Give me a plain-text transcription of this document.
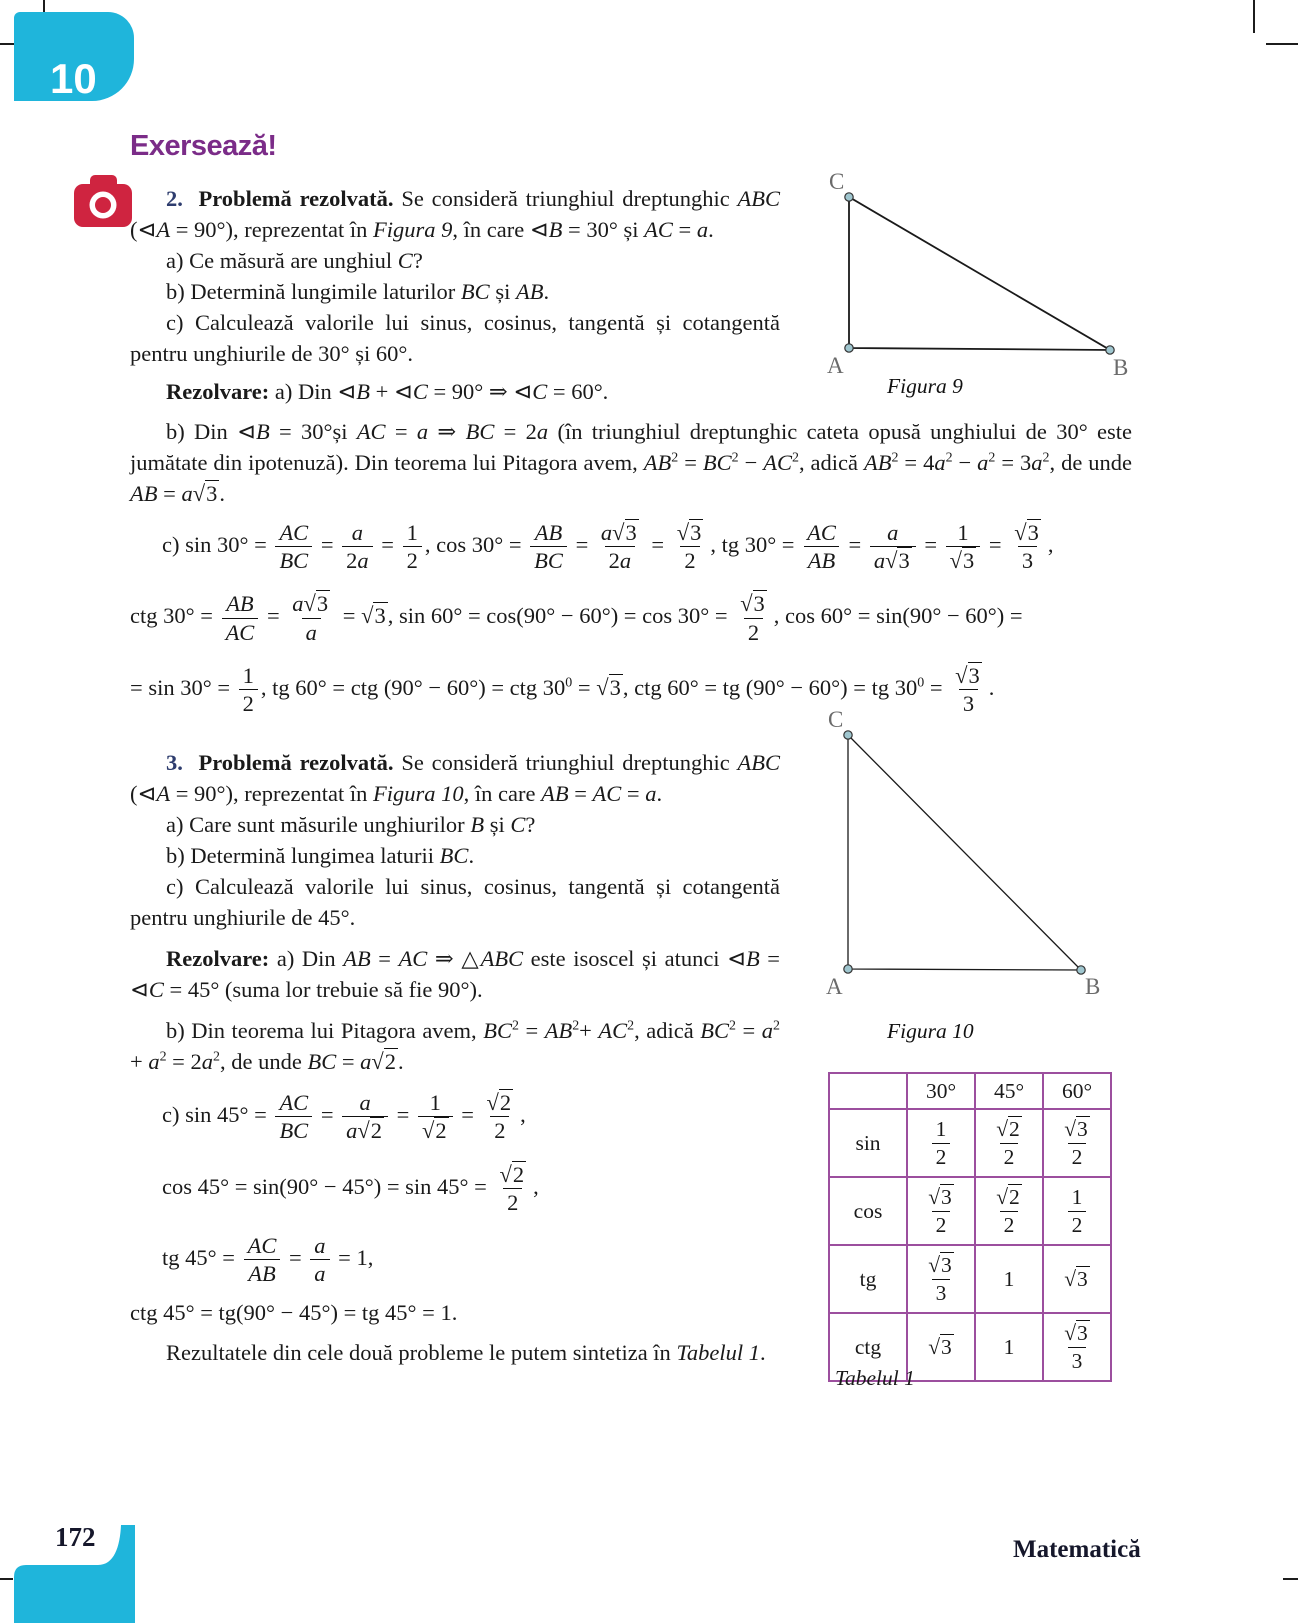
10
Exersează!

2.  Problemă rezolvată. Se consideră triunghiul dreptunghic ABC (⊲A = 90°), reprezentat în Figura 9, în care ⊲B = 30° și AC = a.

a) Ce măsură are unghiul C?

b) Determină lungimile laturilor BC și AB.

c) Calculează valorile lui sinus, cosinus, tangentă și cotangentă pentru unghiurile de 30° și 60°.

Rezolvare: a) Din ⊲B + ⊲C = 90° ⇒ ⊲C = 60°.

b) Din ⊲B = 30°și AC = a ⇒ BC = 2a (în triunghiul dreptunghic cateta opusă unghiului de 30° este jumătate din ipotenuză). Din teorema lui Pitagora avem, $AB^2 = BC^2 - AC^2$, adică $AB^2 = 4a^2 - a^2 = 3a^2$, de unde AB = a√3.

c) $\sin 30^\circ = \frac{AC}{BC} = \frac{a}{2a} = \frac{1}{2}$ , $\cos 30^\circ = \frac{AB}{BC} = \frac{a√3}{2a} = \frac{√3}{2}$ , tg $30^\circ = \frac{AC}{AB} = \frac{a}{a√3} = \frac{1}{√3} = \frac{√3}{3}$ ,
ctg $30^\circ = \frac{AB}{AC} = \frac{a√3}{a} = √3$, $\sin 60^\circ = \cos(90^\circ - 60^\circ) = \cos 30^\circ = \frac{√3}{2}$ , cos 60° = sin(90° − 60°) =
= $\sin 30^\circ = \frac{1}{2}$ , tg 60° = ctg (90° − 60°) = ctg $30^0 = √3$, ctg 60° = tg (90° − 60°) = tg $30^0 = \frac{√3}{3}$ .

3.  Problemă rezolvată. Se consideră triunghiul dreptunghic ABC (⊲A = 90°), reprezentat în Figura 10, în care AB = AC = a.

a) Care sunt măsurile unghiurilor B și C?

b) Determină lungimea laturii BC.

c) Calculează valorile lui sinus, cosinus, tangentă și cotangentă pentru unghiurile de 45°.

Rezolvare: a) Din AB = AC ⇒ △ABC este isoscel și atunci ⊲B = ⊲C = 45° (suma lor trebuie să fie 90°).

b) Din teorema lui Pitagora avem, $BC^2 = AB^2+ AC^2$, adică $BC^2 = a^2 + a^2 = 2a^2$, de unde BC = a√2.

c) $\sin 45^\circ = \frac{AC}{BC} = \frac{a}{a√2} = \frac{1}{√2} = \frac{√2}{2}$ ,
$\cos 45^\circ = \sin(90^\circ - 45^\circ) = \sin 45^\circ = \frac{√2}{2}$ ,
tg $45^\circ = \frac{AC}{AB} = \frac{a}{a} = 1$,
ctg 45° = tg(90° − 45°) = tg 45° = 1.

Rezultatele din cele două probleme le putem sintetiza în Tabelul 1.

C
A	B
Figura 9
C
A	B
Figura 10
	30°	45°	60°
sin	$\frac{1}{2}$	$\frac{√2}{2}$	$\frac{√3}{2}$

cos	$\frac{√3}{2}$	$\frac{√2}{2}$	$\frac{1}{2}$

tg	$\frac{√3}{3}$	1	√3
ctg	√3	1	$\frac{√3}{3}$
Tabelul 1
172	Matematică
